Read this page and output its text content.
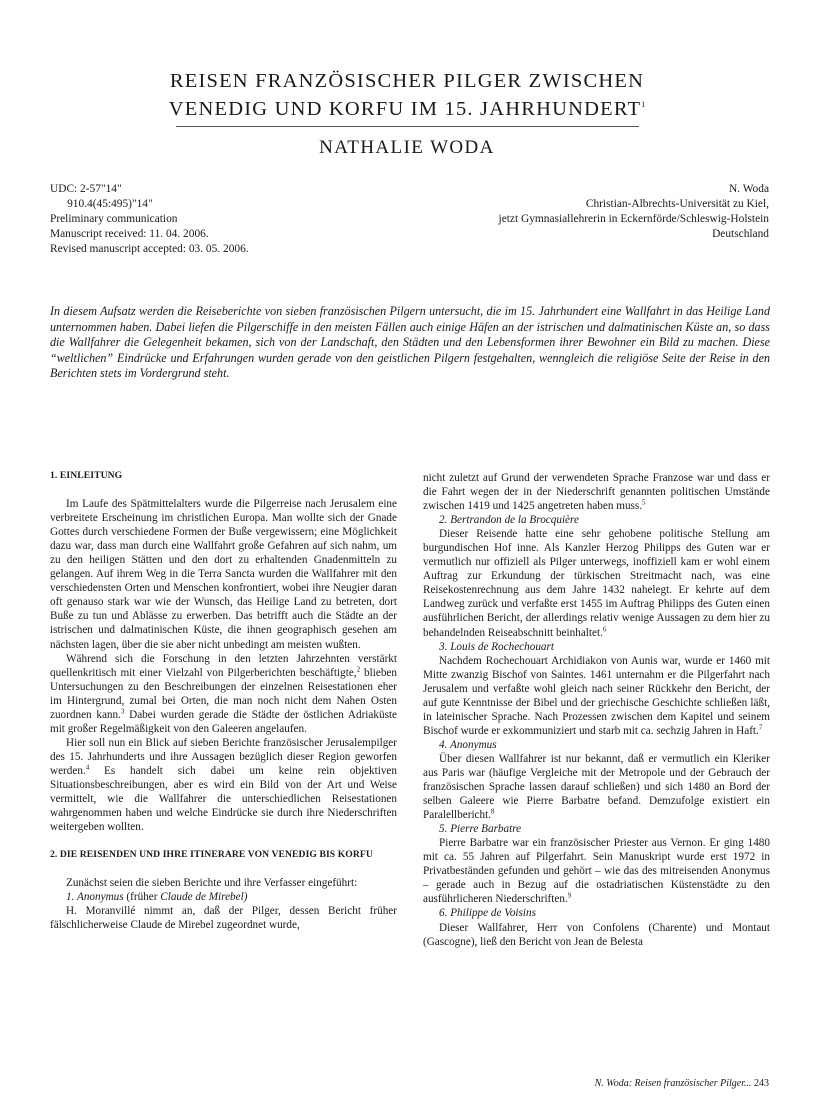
REISEN FRANZÖSISCHER PILGER ZWISCHEN
VENEDIG UND KORFU IM 15. JAHRHUNDERT$^1$
NATHALIE WODA
UDC: 2-57"14"
910.4(45:495)"14"
Preliminary communication
Manuscript received: 11. 04. 2006.
Revised manuscript accepted: 03. 05. 2006.
N. Woda
Christian-Albrechts-Universität zu Kiel,
jetzt Gymnasiallehrerin in Eckernförde/Schleswig-Holstein
Deutschland
In diesem Aufsatz werden die Reiseberichte von sieben französischen Pilgern untersucht, die im 15. Jahrhundert eine Wallfahrt in das Heilige Land unternommen haben. Dabei liefen die Pilgerschiffe in den meisten Fällen auch einige Häfen an der istrischen und dalmatinischen Küste an, so dass die Wallfahrer die Gelegenheit bekamen, sich von der Landschaft, den Städten und den Lebensformen ihrer Bewohner ein Bild zu machen. Diese “weltlichen” Eindrücke und Erfahrungen wurden gerade von den geistlichen Pilgern festgehalten, wenngleich die religiöse Seite der Reise in den Berichten stets im Vordergrund steht.
1. EINLEITUNG

Im Laufe des Spätmittelalters wurde die Pilgerreise nach Jerusalem eine verbreitete Erscheinung im christlichen Europa. Man wollte sich der Gnade Gottes durch verschiedene Formen der Buße vergewissern; eine Möglichkeit dazu war, dass man durch eine Wallfahrt große Gefahren auf sich nahm, um zu den heiligen Stätten und den dort zu erhaltenden Gnadenmitteln zu gelangen. Auf ihrem Weg in die Terra Sancta wurden die Wallfahrer mit den verschiedensten Orten und Menschen konfrontiert, wobei ihre Neugier daran oft genauso stark war wie der Wunsch, das Heilige Land zu betreten, dort Buße zu tun und Ablässe zu erwerben. Das betrifft auch die Städte an der istrischen und dalmatinischen Küste, die ihnen geographisch gesehen am nächsten lagen, über die sie aber nicht unbedingt am meisten wußten.

Während sich die Forschung in den letzten Jahrzehnten verstärkt quellenkritisch mit einer Vielzahl von Pilgerberichten beschäftigte,$^2$ blieben Untersuchungen zu den Beschreibungen der einzelnen Reisestationen eher im Hintergrund, zumal bei Orten, die man noch nicht dem Nahen Osten zuordnen kann.$^3$ Dabei wurden gerade die Städte der östlichen Adriaküste mit großer Regelmäßigkeit von den Galeeren angelaufen.

Hier soll nun ein Blick auf sieben Berichte französischer Jerusalempilger des 15. Jahrhunderts und ihre Aussagen bezüglich dieser Region geworfen werden.$^4$ Es handelt sich dabei um keine rein objektiven Situationsbeschreibungen, aber es wird ein Bild von der Art und Weise vermittelt, wie die Wallfahrer die unterschiedlichen Reisestationen wahrgenommen haben und welche Eindrücke sie durch ihre Niederschriften weitergeben wollten.

2. DIE REISENDEN UND IHRE ITINERARE VON VENEDIG BIS KORFU

Zunächst seien die sieben Berichte und ihre Verfasser eingeführt:

1. Anonymus (früher Claude de Mirebel)

H. Moranvillé nimmt an, daß der Pilger, dessen Bericht früher fälschlicherweise Claude de Mirebel zugeordnet wurde,

nicht zuletzt auf Grund der verwendeten Sprache Franzose war und dass er die Fahrt wegen der in der Niederschrift genannten politischen Umstände zwischen 1419 und 1425 angetreten haben muss.$^5$

2. Bertrandon de la Brocquière

Dieser Reisende hatte eine sehr gehobene politische Stellung am burgundischen Hof inne. Als Kanzler Herzog Philipps des Guten war er vermutlich nur offiziell als Pilger unterwegs, inoffiziell kam er wohl einem Auftrag zur Erkundung der türkischen Streitmacht nach, was eine Reisekostenrechnung aus dem Jahre 1432 nahelegt. Er kehrte auf dem Landweg zurück und verfaßte erst 1455 im Auftrag Philipps des Guten einen ausführlichen Bericht, der allerdings relativ wenige Aussagen zu dem hier zu behandelnden Reiseabschnitt beinhaltet.$^6$

3. Louis de Rochechouart

Nachdem Rochechouart Archidiakon von Aunis war, wurde er 1460 mit Mitte zwanzig Bischof von Saintes. 1461 unternahm er die Pilgerfahrt nach Jerusalem und verfaßte wohl gleich nach seiner Rückkehr den Bericht, der auf gute Kenntnisse der Bibel und der griechische Geschichte schließen läßt, in lateinischer Sprache. Nach Prozessen zwischen dem Kapitel und seinem Bischof wurde er exkommuniziert und starb mit ca. sechzig Jahren in Haft.$^7$

4. Anonymus

Über diesen Wallfahrer ist nur bekannt, daß er vermutlich ein Kleriker aus Paris war (häufige Vergleiche mit der Metropole und der Gebrauch der französischen Sprache lassen darauf schließen) und sich 1480 an Bord der selben Galeere wie Pierre Barbatre befand. Demzufolge existiert ein Paralellbericht.$^8$

5. Pierre Barbatre

Pierre Barbatre war ein französischer Priester aus Vernon. Er ging 1480 mit ca. 55 Jahren auf Pilgerfahrt. Sein Manuskript wurde erst 1972 in Privatbeständen gefunden und gehört – wie das des mitreisenden Anonymus – gerade auch in Bezug auf die ostadriatischen Küstenstädte zu den ausführlicheren Niederschriften.$^9$

6. Philippe de Voisins

Dieser Wallfahrer, Herr von Confolens (Charente) und Montaut (Gascogne), ließ den Bericht von Jean de Belesta

N. Woda: Reisen französischer Pilger... 243
